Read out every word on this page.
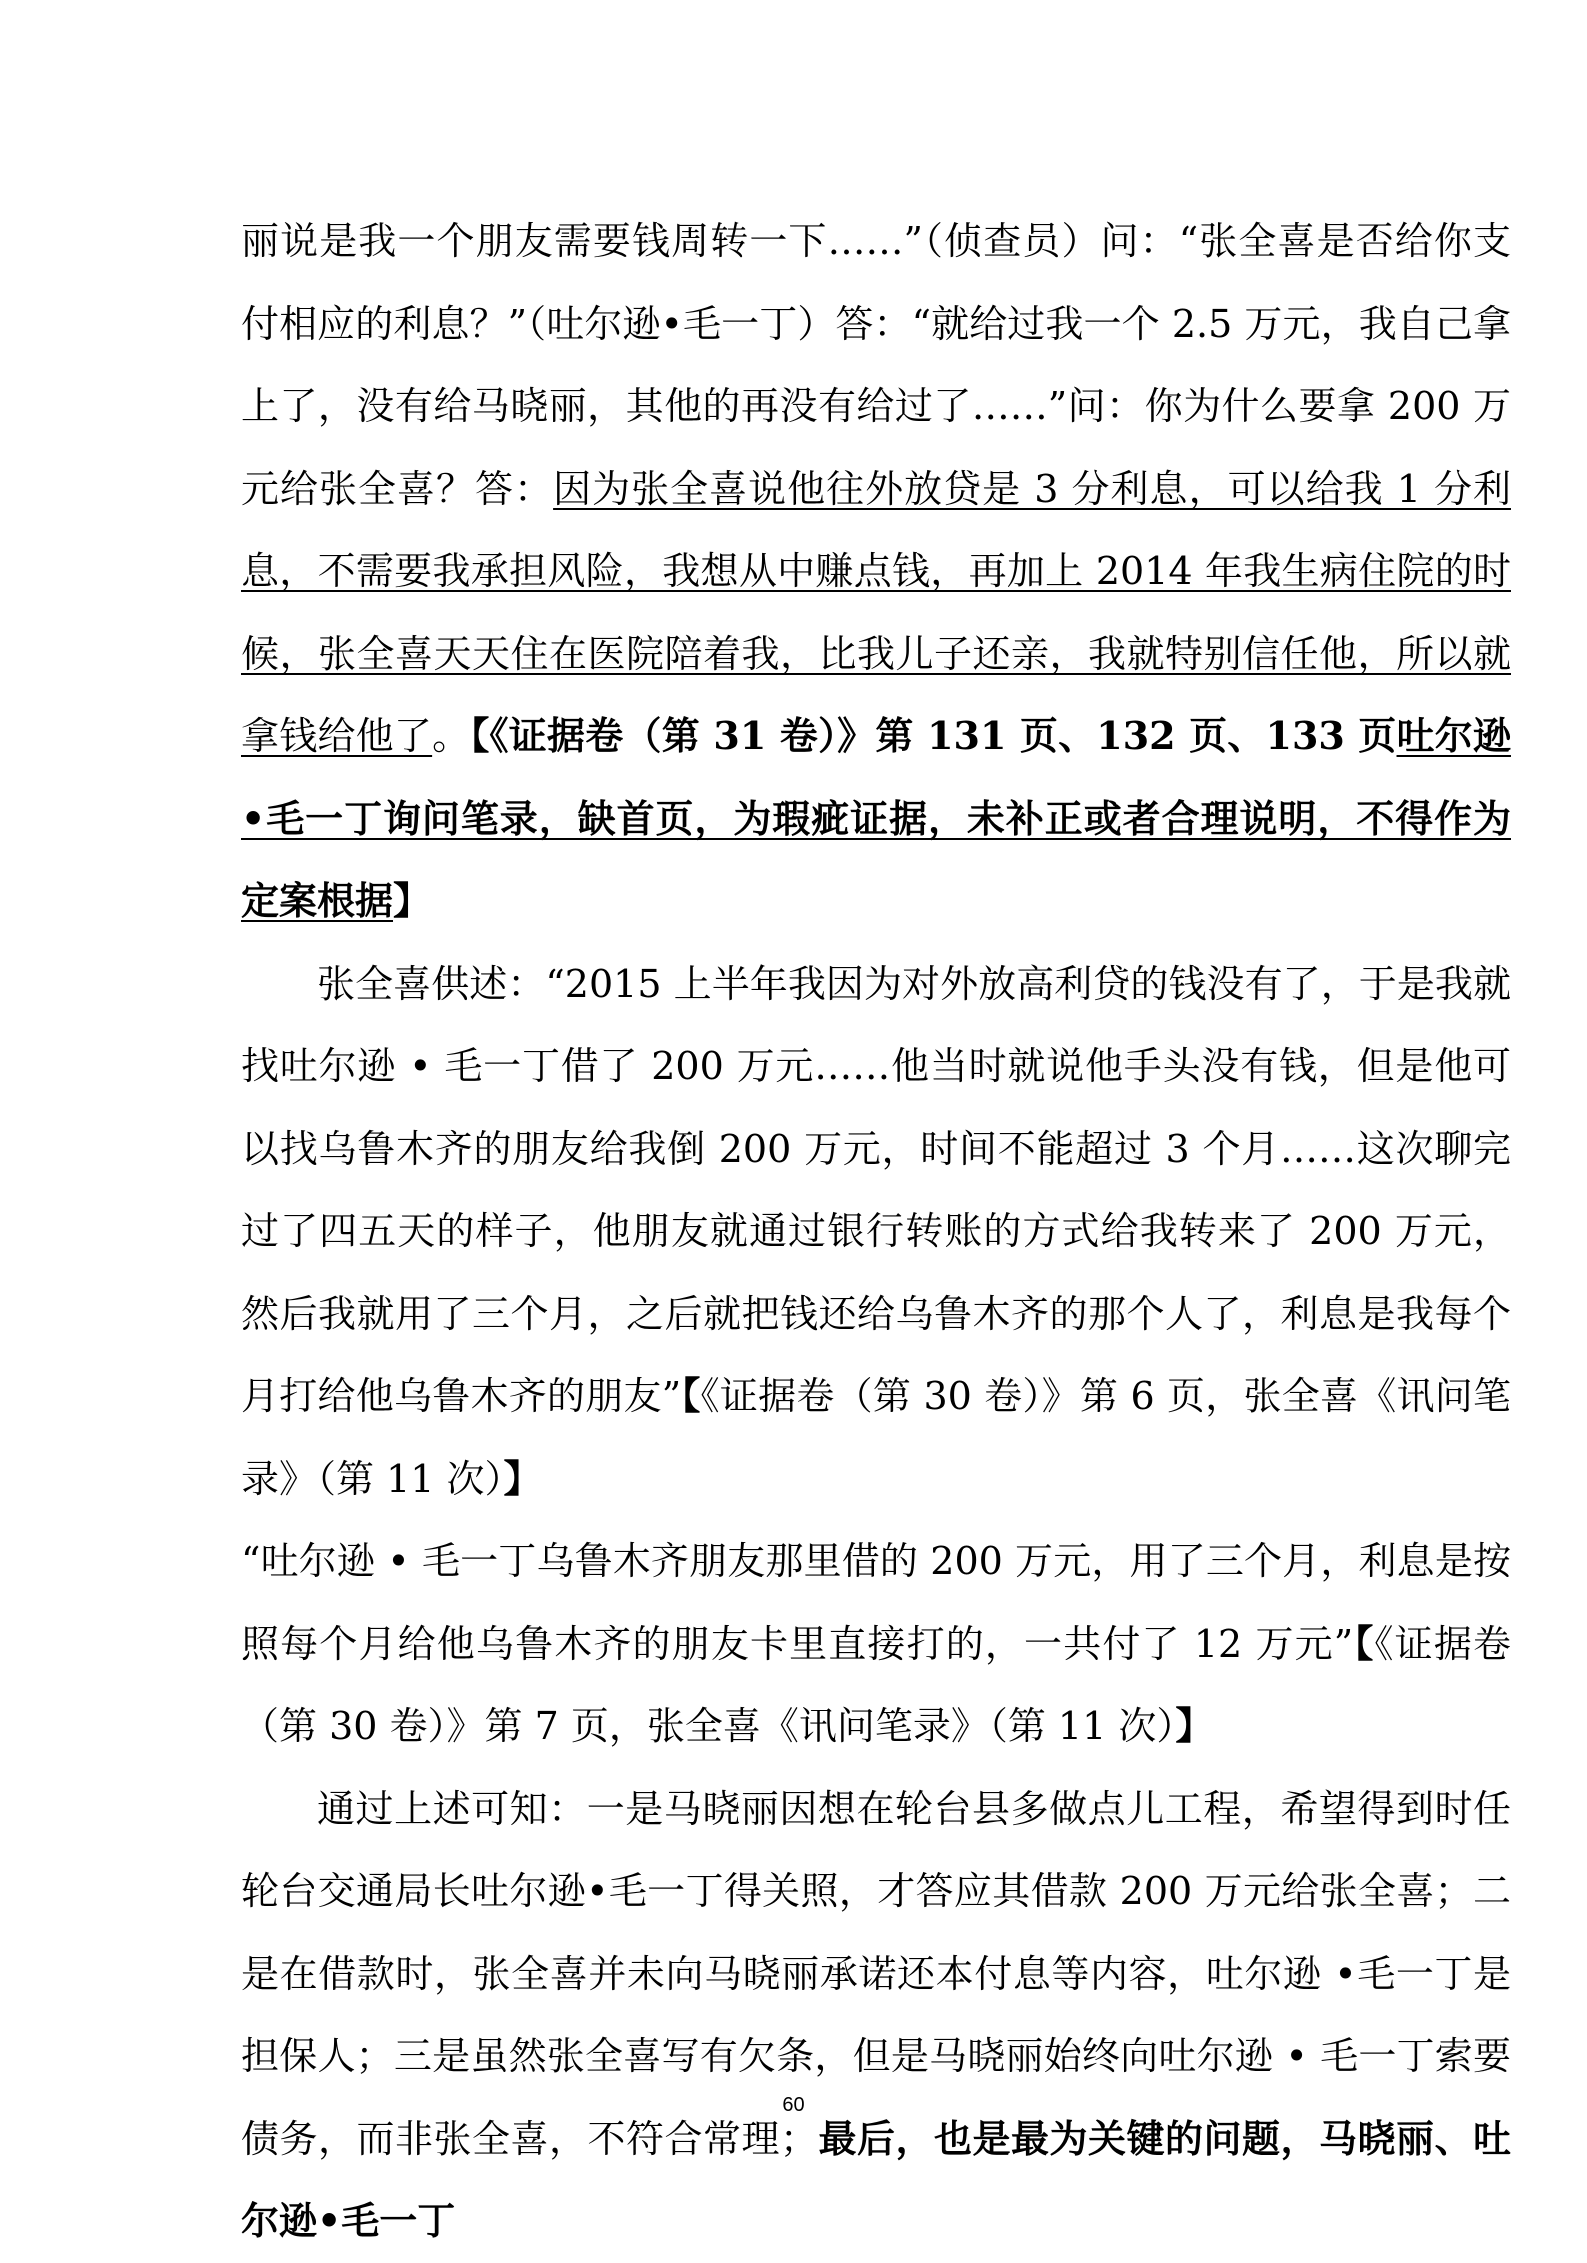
丽说是我一个朋友需要钱周转一下……”（侦查员）问：“张全喜是否给你支付相应的利息？”（吐尔逊•毛一丁）答：“就给过我一个 2.5 万元，我自己拿上了，没有给马晓丽，其他的再没有给过了……”问：你为什么要拿 200 万元给张全喜？答：因为张全喜说他往外放贷是 3 分利息，可以给我 1 分利息，不需要我承担风险，我想从中赚点钱，再加上 2014 年我生病住院的时候，张全喜天天住在医院陪着我，比我儿子还亲，我就特别信任他，所以就拿钱给他了。【《证据卷（第 31 卷）》第 131 页、132 页、133 页吐尔逊•毛一丁询问笔录，缺首页，为瑕疵证据，未补正或者合理说明，不得作为定案根据】

张全喜供述：“2015 上半年我因为对外放高利贷的钱没有了，于是我就找吐尔逊 • 毛一丁借了 200 万元……他当时就说他手头没有钱，但是他可以找乌鲁木齐的朋友给我倒 200 万元，时间不能超过 3 个月……这次聊完过了四五天的样子，他朋友就通过银行转账的方式给我转来了 200 万元，然后我就用了三个月，之后就把钱还给乌鲁木齐的那个人了，利息是我每个月打给他乌鲁木齐的朋友”【《证据卷（第 30 卷）》第 6 页，张全喜《讯问笔录》（第 11 次）】

“吐尔逊 • 毛一丁乌鲁木齐朋友那里借的 200 万元，用了三个月，利息是按照每个月给他乌鲁木齐的朋友卡里直接打的，一共付了 12 万元”【《证据卷（第 30 卷）》第 7 页，张全喜《讯问笔录》（第 11 次）】

通过上述可知：一是马晓丽因想在轮台县多做点儿工程，希望得到时任轮台交通局长吐尔逊•毛一丁得关照，才答应其借款 200 万元给张全喜；二是在借款时，张全喜并未向马晓丽承诺还本付息等内容，吐尔逊 •毛一丁是担保人；三是虽然张全喜写有欠条，但是马晓丽始终向吐尔逊 • 毛一丁索要债务，而非张全喜，不符合常理；最后，也是最为关键的问题，马晓丽、吐尔逊•毛一丁

60
